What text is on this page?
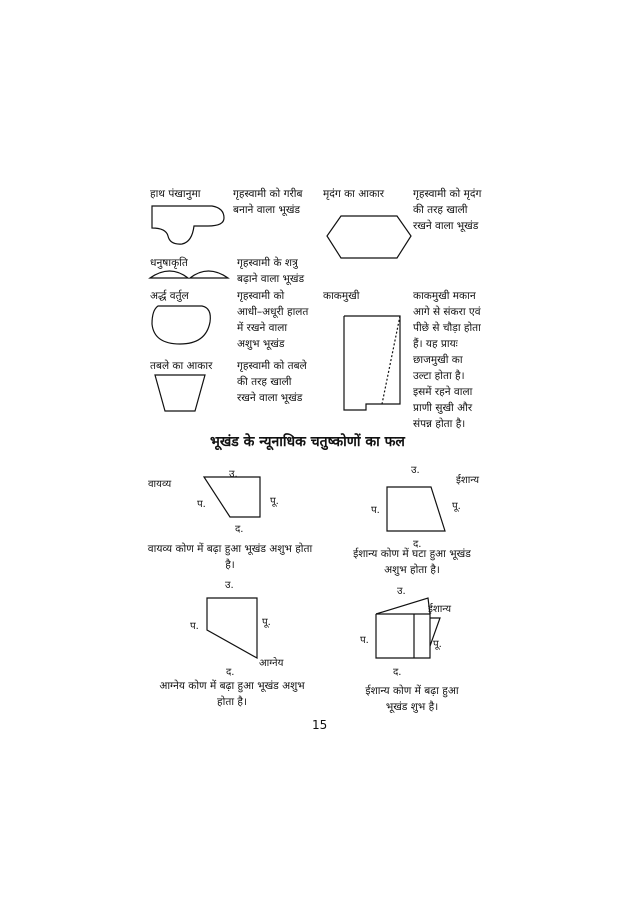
हाथ पंखानुमा	गृहस्वामी को गरीब
बनाने वाला भूखंड
धनुषाकृति	गृहस्वामी के शत्रु
बढ़ाने वाला भूखंड
अर्द्ध वर्तुल	गृहस्वामी को
आधी–अधूरी हालत
में रखने वाला
अशुभ भूखंड
तबले का आकार गृहस्वामी को तबले
की तरह खाली
रखने वाला भूखंड
मृदंग का आकार	गृहस्वामी को मृदंग
की तरह खाली
रखने वाला भूखंड
काकमुखी	काकमुखी मकान
आगे से संकरा एवं
पीछे से चौड़ा होता
हैं। यह प्रायः
छाजमुखी का
उल्टा होता है।
इसमें रहने वाला
प्राणी सुखी और
संपन्न होता है।
भूखंड के न्यूनाधिक चतुष्कोणों का फल
वायव्य
उ.
प.	पू.
द.
वायव्य कोण में बढ़ा हुआ भूखंड अशुभ होता
है।
ईशान्य
उ.
प.	पू.
द.
ईशान्य कोण में घटा हुआ भूखंड
अशुभ होता है।
उ.
प.	पू.
द.
आग्नेय
आग्नेय कोण में बढ़ा हुआ भूखंड अशुभ
होता है।
उ.
ईशान्य
प.	पू.
द.
ईशान्य कोण में बढ़ा हुआ
भूखंड शुभ है।
15
